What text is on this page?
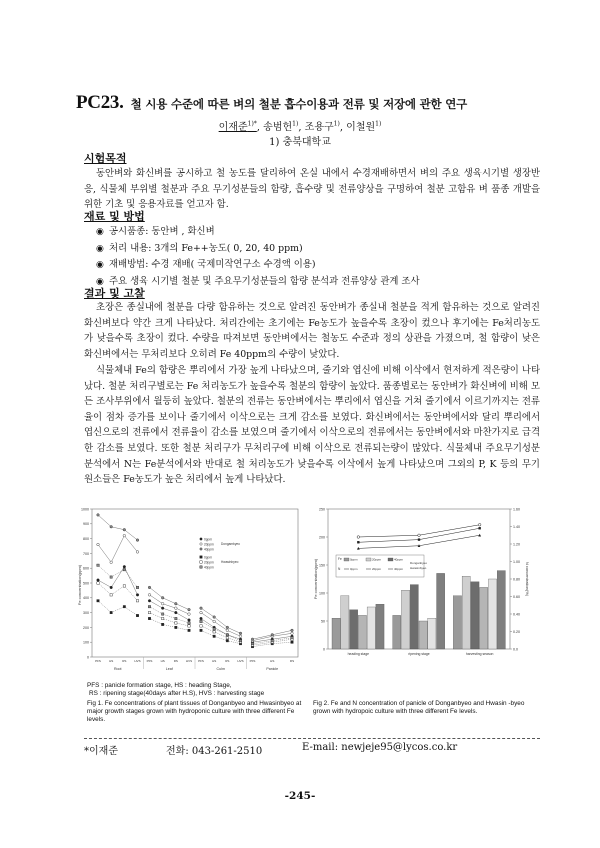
PC23. 철 시용 수준에 따른 벼의 철분 흡수이용과 전류 및 저장에 관한 연구
이재준$^{1)*}$, 송범헌$^{1)}$, 조용구$^{1)}$, 이철원$^{1)}$
1) 충북대학교
시험목적

동안벼와 화신벼를 공시하고 철 농도를 달리하여 온실 내에서 수경재배하면서 벼의 주요 생육시기별 생장반응, 식물체 부위별 철분과 주요 무기성분들의 함량, 흡수량 및 전류양상을 구명하여 철분 고함유 벼 품종 개발을 위한 기초 및 응용자료를 얻고자 함.

재료 및 방법
◉ 공시품종: 동안벼 , 화신벼
◉ 처리 내용: 3개의 Fe++농도( 0, 20, 40 ppm)
◉ 재배방법: 수경 재배( 국제미작연구소 수경액 이용)
◉ 주요 생육 시기별 철분 및 주요무기성분들의 함량 분석과 전류양상 관계 조사
결과 및 고찰

초장은 종실내에 철분을 다량 함유하는 것으로 알려진 동안벼가 종실내 철분을 적게 함유하는 것으로 알려진 화신벼보다 약간 크게 나타났다. 처리간에는 초기에는 Fe농도가 높을수록 초장이 컸으나 후기에는 Fe처리농도가 낮을수록 초장이 컸다. 수량을 따져보면 동안벼에서는 철농도 수준과 정의 상관을 가졌으며, 철 함량이 낮은 화신벼에서는 무처리보다 오히려 Fe 40ppm의 수량이 낮았다.

식물체내 Fe의 함량은 뿌리에서 가장 높게 나타났으며, 줄기와 엽신에 비해 이삭에서 현저하게 적은량이 나타났다. 철분 처리구별로는 Fe 처리농도가 높을수록 철분의 함량이 높았다. 품종별로는 동안벼가 화신벼에 비해 모든 조사부위에서 월등히 높았다. 철분의 전류는 동안벼에서는 뿌리에서 엽신을 거쳐 줄기에서 이르기까지는 전류율이 점차 증가를 보이나 줄기에서 이삭으로는 크게 감소를 보였다. 화신벼에서는 동안벼에서와 달리 뿌리에서 엽신으로의 전류에서 전류율이 감소를 보였으며 줄기에서 이삭으로의 전류에서는 동안벼에서와 마찬가지로 급격한 감소를 보였다. 또한 철분 처리구가 무처리구에 비해 이삭으로 전류되는량이 많았다. 식물체내 주요무기성분 분석에서 N는 Fe분석에서와 반대로 철 처리농도가 낮을수록 이삭에서 높게 나타났으며 그외의 P, K 등의 무기원소들은 Fe농도가 높은 처리에서 높게 나타났다.

0
100
200
300
400
500
600
700
800
900
1000
PFS	HS	RS	HVS
Root
PFS	HS	RS	HVS
Leaf
PFS	HS	RS	HVS
Culm
PFS	HS	RS
Panicle
0ppm
20ppm
40ppm
Dongambyeo
0ppm
20ppm
40ppm
Hwasinbyeo
Fe concentration(ppm)
0
50
100
150
200
250
0.0
0.20
0.40
0.60
0.80
1.00
1.20
1.40
1.60
Fe	0ppm	20ppm	40ppm
Donganbyeo
Hwasinbyeo
N	0ppm	20ppm	40ppm
heading stage	ripening stage	harvesting season
Fe concentration(ppm)	N concentration(%)
PFS : panicle formation stage, HS : heading Stage,
RS : ripening stage(40days after H.S), HVS : harvesting stage
Fig 1. Fe concentrations of plant tissues of Donganbyeo and Hwasinbyeo at major growth stages grown with hydroponic culture with three different Fe levels.
Fig 2. Fe and N concentration of panicle of Donganbyeo and Hwasin -byeo grown with hydropoic culture with three different Fe levels.
*이재준	전화: 043-261-2510	E-mail: newjeje95@lycos.co.kr
-245-
